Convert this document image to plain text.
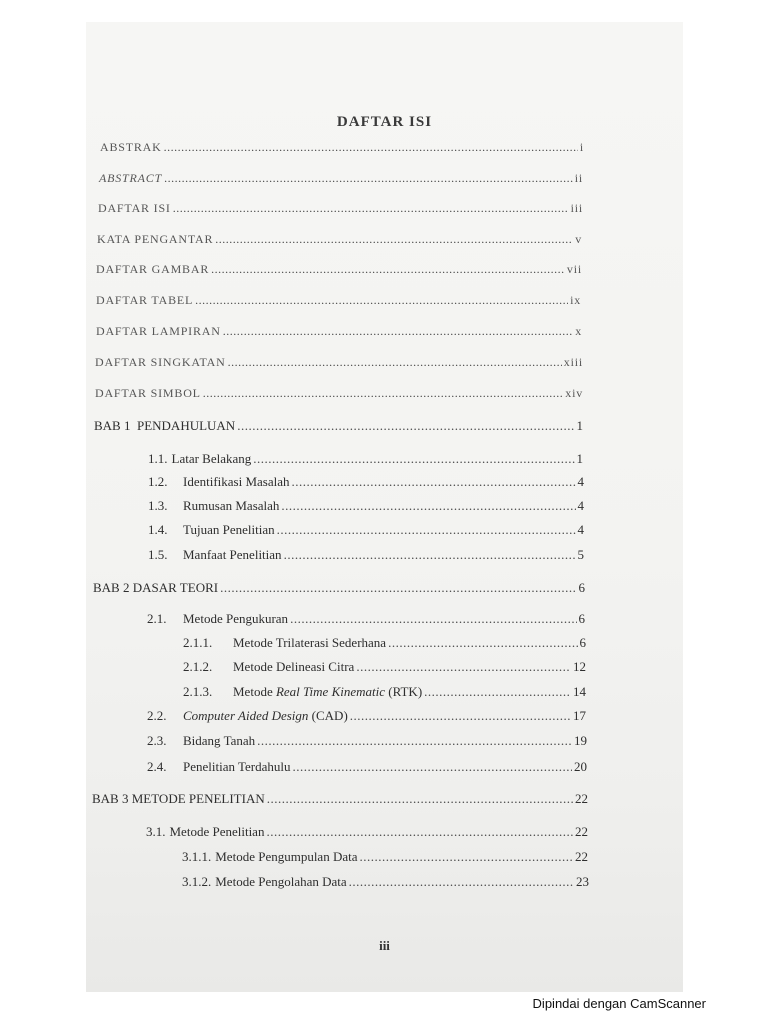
DAFTAR ISI
ABSTRAK .....	i
ABSTRACT .....	ii
DAFTAR ISI .....	iii
KATA PENGANTAR .....	v
DAFTAR GAMBAR .....	vii
DAFTAR TABEL .....	ix
DAFTAR LAMPIRAN .....	x
DAFTAR SINGKATAN .....	xiii
DAFTAR SIMBOL .....	xiv
BAB 1  PENDAHULUAN .....	1
1.1. Latar Belakang .....	1
1.2.	Identifikasi Masalah .....	4
1.3.	Rumusan Masalah .....	4
1.4.	Tujuan Penelitian .....	4
1.5.	Manfaat Penelitian .....	5
BAB 2 DASAR TEORI .....	6
2.1.	Metode Pengukuran .....	6
2.1.1.	Metode Trilaterasi Sederhana .....	6
2.1.2.	Metode Delineasi Citra .....	12
2.1.3.	Metode Real Time Kinematic (RTK) .....	14
2.2.	Computer Aided Design (CAD) .....	17
2.3.	Bidang Tanah .....	19
2.4.	Penelitian Terdahulu .....	20
BAB 3 METODE PENELITIAN .....	22
3.1. Metode Penelitian .....	22
3.1.1. Metode Pengumpulan Data .....	22
3.1.2. Metode Pengolahan Data .....	23
iii
Dipindai dengan CamScanner
